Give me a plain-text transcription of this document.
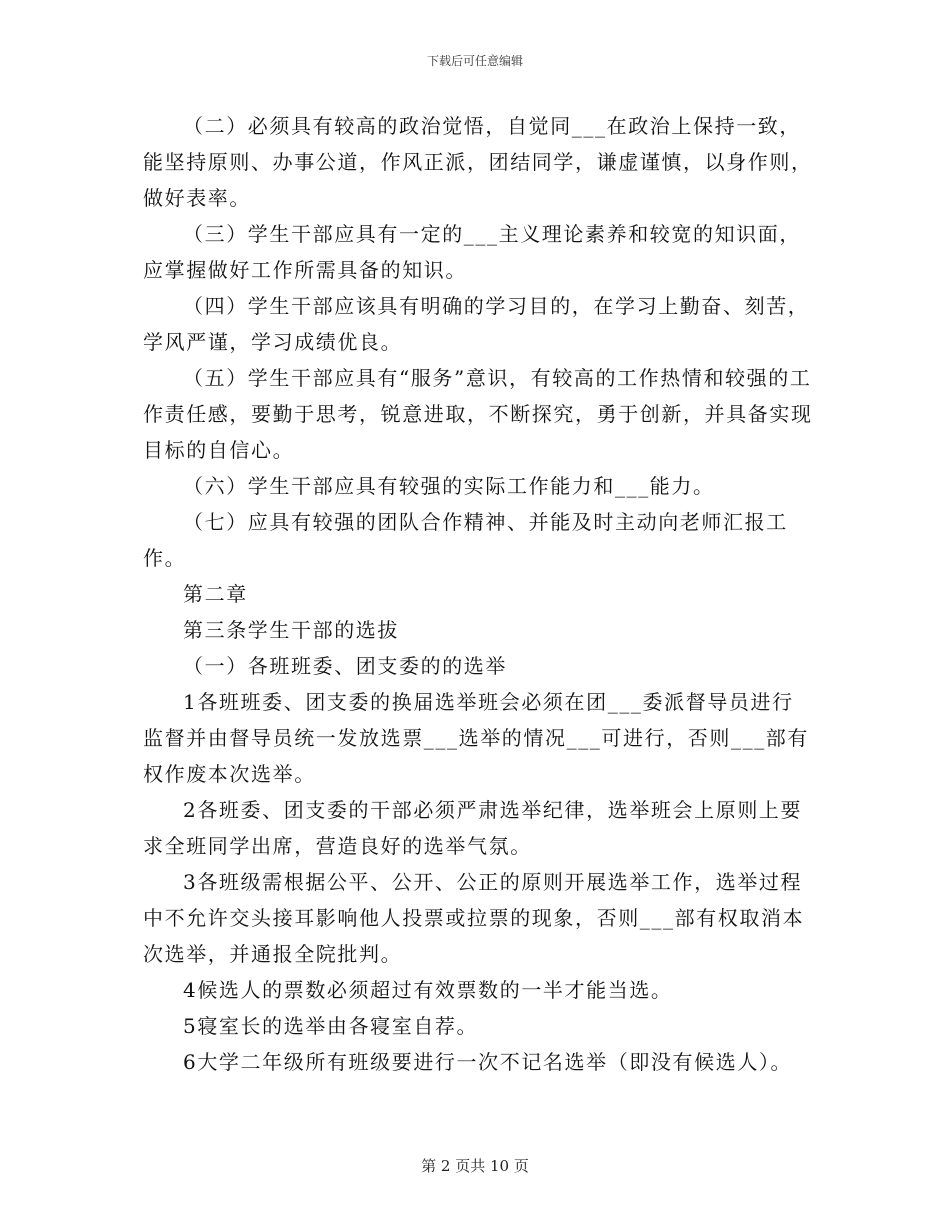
下载后可任意编辑

（二）必须具有较高的政治觉悟，自觉同___在政治上保持一致，能坚持原则、办事公道，作风正派，团结同学，谦虚谨慎，以身作则，做好表率。

（三）学生干部应具有一定的___主义理论素养和较宽的知识面，应掌握做好工作所需具备的知识。

（四）学生干部应该具有明确的学习目的，在学习上勤奋、刻苦，学风严谨，学习成绩优良。

（五）学生干部应具有“服务”意识，有较高的工作热情和较强的工作责任感，要勤于思考，锐意进取，不断探究，勇于创新，并具备实现目标的自信心。

（六）学生干部应具有较强的实际工作能力和___能力。

（七）应具有较强的团队合作精神、并能及时主动向老师汇报工作。

第二章

第三条学生干部的选拔

（一）各班班委、团支委的的选举

1各班班委、团支委的换届选举班会必须在团___委派督导员进行监督并由督导员统一发放选票___选举的情况___可进行，否则___部有权作废本次选举。

2各班委、团支委的干部必须严肃选举纪律，选举班会上原则上要求全班同学出席，营造良好的选举气氛。

3各班级需根据公平、公开、公正的原则开展选举工作，选举过程中不允许交头接耳影响他人投票或拉票的现象，否则___部有权取消本次选举，并通报全院批判。

4候选人的票数必须超过有效票数的一半才能当选。

5寝室长的选举由各寝室自荐。

6大学二年级所有班级要进行一次不记名选举（即没有候选人）。

第 2 页共 10 页
